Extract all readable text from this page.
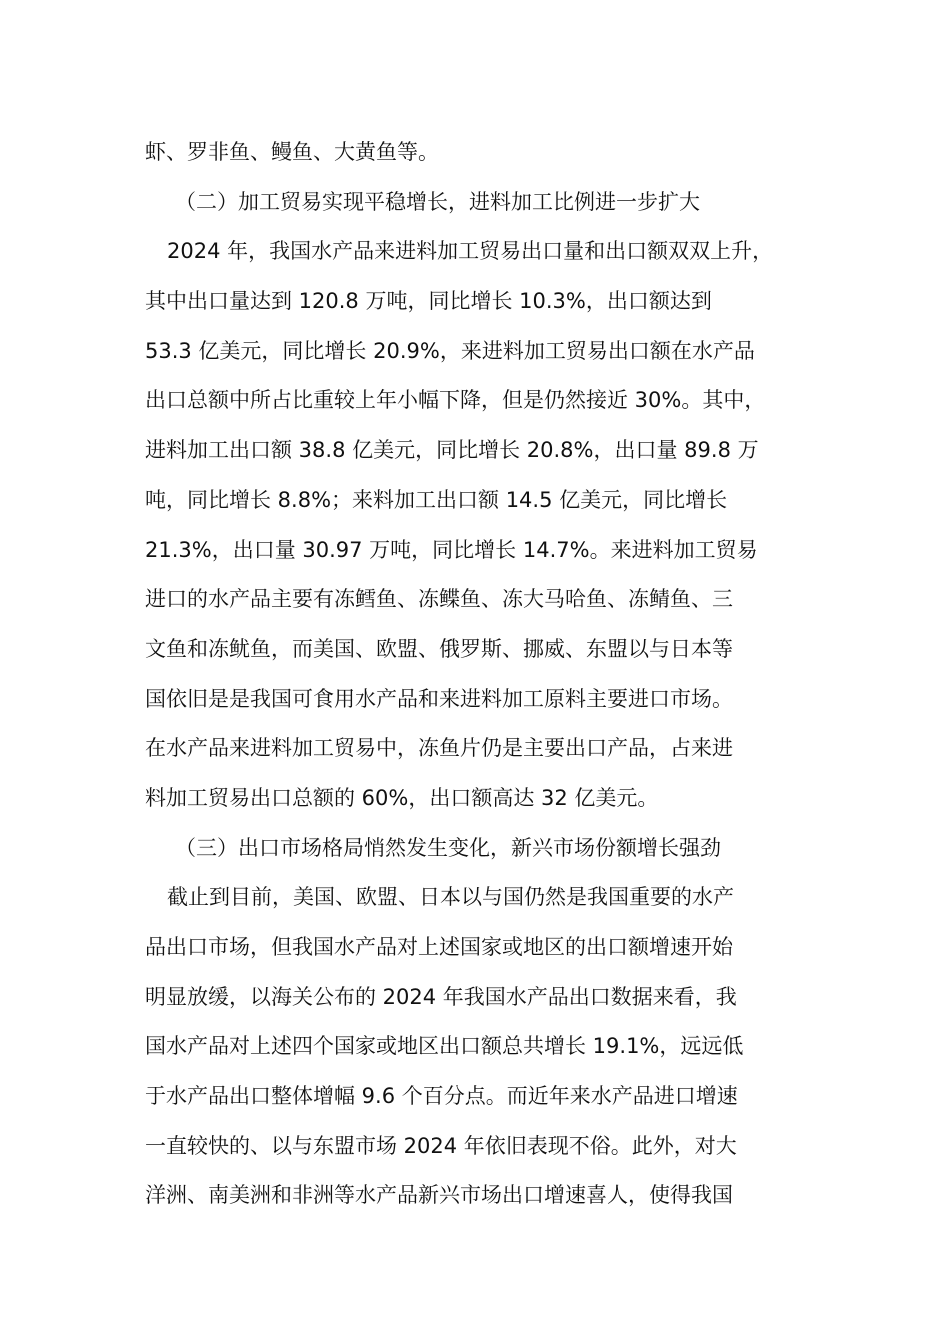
虾、罗非鱼、鳗鱼、大黄鱼等。
（二）加工贸易实现平稳增长，进料加工比例进一步扩大
2024 年，我国水产品来进料加工贸易出口量和出口额双双上升，
其中出口量达到 120.8 万吨，同比增长 10.3%，出口额达到
53.3 亿美元，同比增长 20.9%，来进料加工贸易出口额在水产品
出口总额中所占比重较上年小幅下降，但是仍然接近 30%。其中，
进料加工出口额 38.8 亿美元，同比增长 20.8%，出口量 89.8 万
吨，同比增长 8.8%；来料加工出口额 14.5 亿美元，同比增长
21.3%，出口量 30.97 万吨，同比增长 14.7%。来进料加工贸易
进口的水产品主要有冻鳕鱼、冻鲽鱼、冻大马哈鱼、冻鲭鱼、三
文鱼和冻鱿鱼，而美国、欧盟、俄罗斯、挪威、东盟以与日本等
国依旧是是我国可食用水产品和来进料加工原料主要进口市场。
在水产品来进料加工贸易中，冻鱼片仍是主要出口产品，占来进
料加工贸易出口总额的 60%，出口额高达 32 亿美元。
（三）出口市场格局悄然发生变化，新兴市场份额增长强劲
截止到目前，美国、欧盟、日本以与国仍然是我国重要的水产
品出口市场，但我国水产品对上述国家或地区的出口额增速开始
明显放缓，以海关公布的 2024 年我国水产品出口数据来看，我
国水产品对上述四个国家或地区出口额总共增长 19.1%，远远低
于水产品出口整体增幅 9.6 个百分点。而近年来水产品进口增速
一直较快的、以与东盟市场 2024 年依旧表现不俗。此外，对大
洋洲、南美洲和非洲等水产品新兴市场出口增速喜人，使得我国
